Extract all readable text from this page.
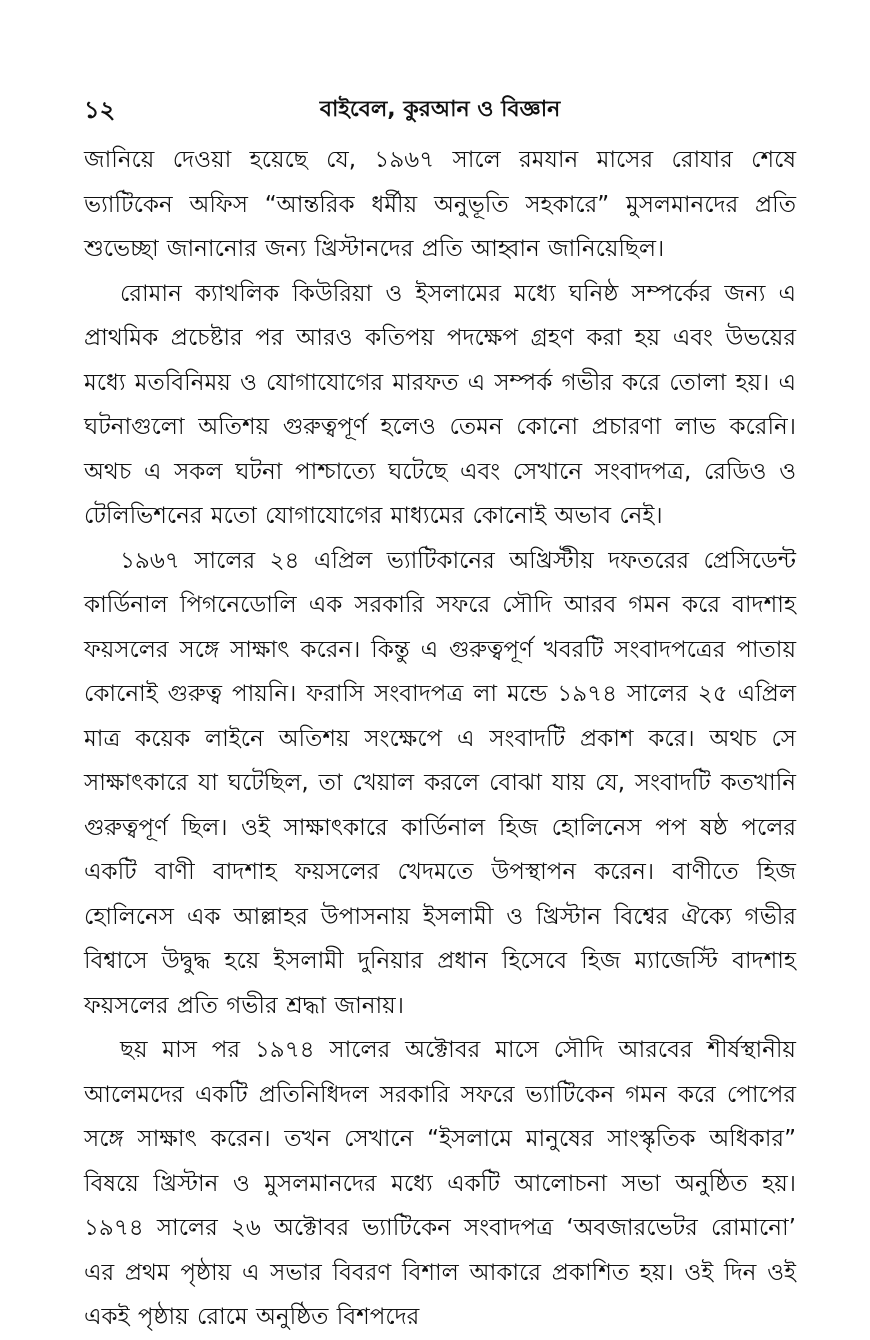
১২	বাইবেল, কুরআন ও বিজ্ঞান

জানিয়ে দেওয়া হয়েছে যে, ১৯৬৭ সালে রমযান মাসের রোযার শেষে ভ্যাটিকেন অফিস “আন্তরিক ধর্মীয় অনুভূতি সহকারে” মুসলমানদের প্রতি শুভেচ্ছা জানানোর জন্য খ্রিস্টানদের প্রতি আহ্বান জানিয়েছিল।

রোমান ক্যাথলিক কিউরিয়া ও ইসলামের মধ্যে ঘনিষ্ঠ সম্পর্কের জন্য এ প্রাথমিক প্রচেষ্টার পর আরও কতিপয় পদক্ষেপ গ্রহণ করা হয় এবং উভয়ের মধ্যে মতবিনিময় ও যোগাযোগের মারফত এ সম্পর্ক গভীর করে তোলা হয়। এ ঘটনাগুলো অতিশয় গুরুত্বপূর্ণ হলেও তেমন কোনো প্রচারণা লাভ করেনি। অথচ এ সকল ঘটনা পাশ্চাত্যে ঘটেছে এবং সেখানে সংবাদপত্র, রেডিও ও টেলিভিশনের মতো যোগাযোগের মাধ্যমের কোনোই অভাব নেই।

১৯৬৭ সালের ২৪ এপ্রিল ভ্যাটিকানের অখ্রিস্টীয় দফতরের প্রেসিডেন্ট কার্ডিনাল পিগনেডোলি এক সরকারি সফরে সৌদি আরব গমন করে বাদশাহ ফয়সলের সঙ্গে সাক্ষাৎ করেন। কিন্তু এ গুরুত্বপূর্ণ খবরটি সংবাদপত্রের পাতায় কোনোই গুরুত্ব পায়নি। ফরাসি সংবাদপত্র লা মন্ডে ১৯৭৪ সালের ২৫ এপ্রিল মাত্র কয়েক লাইনে অতিশয় সংক্ষেপে এ সংবাদটি প্রকাশ করে। অথচ সে সাক্ষাৎকারে যা ঘটেছিল, তা খেয়াল করলে বোঝা যায় যে, সংবাদটি কতখানি গুরুত্বপূর্ণ ছিল। ওই সাক্ষাৎকারে কার্ডিনাল হিজ হোলিনেস পপ ষষ্ঠ পলের একটি বাণী বাদশাহ ফয়সলের খেদমতে উপস্থাপন করেন। বাণীতে হিজ হোলিনেস এক আল্লাহর উপাসনায় ইসলামী ও খ্রিস্টান বিশ্বের ঐক্যে গভীর বিশ্বাসে উদ্বুদ্ধ হয়ে ইসলামী দুনিয়ার প্রধান হিসেবে হিজ ম্যাজেস্টি বাদশাহ ফয়সলের প্রতি গভীর শ্রদ্ধা জানায়।

ছয় মাস পর ১৯৭৪ সালের অক্টোবর মাসে সৌদি আরবের শীর্ষস্থানীয় আলেমদের একটি প্রতিনিধিদল সরকারি সফরে ভ্যাটিকেন গমন করে পোপের সঙ্গে সাক্ষাৎ করেন। তখন সেখানে “ইসলামে মানুষের সাংস্কৃতিক অধিকার” বিষয়ে খ্রিস্টান ও মুসলমানদের মধ্যে একটি আলোচনা সভা অনুষ্ঠিত হয়। ১৯৭৪ সালের ২৬ অক্টোবর ভ্যাটিকেন সংবাদপত্র ‘অবজারভেটর রোমানো’ এর প্রথম পৃষ্ঠায় এ সভার বিবরণ বিশাল আকারে প্রকাশিত হয়। ওই দিন ওই একই পৃষ্ঠায় রোমে অনুষ্ঠিত বিশপদের
